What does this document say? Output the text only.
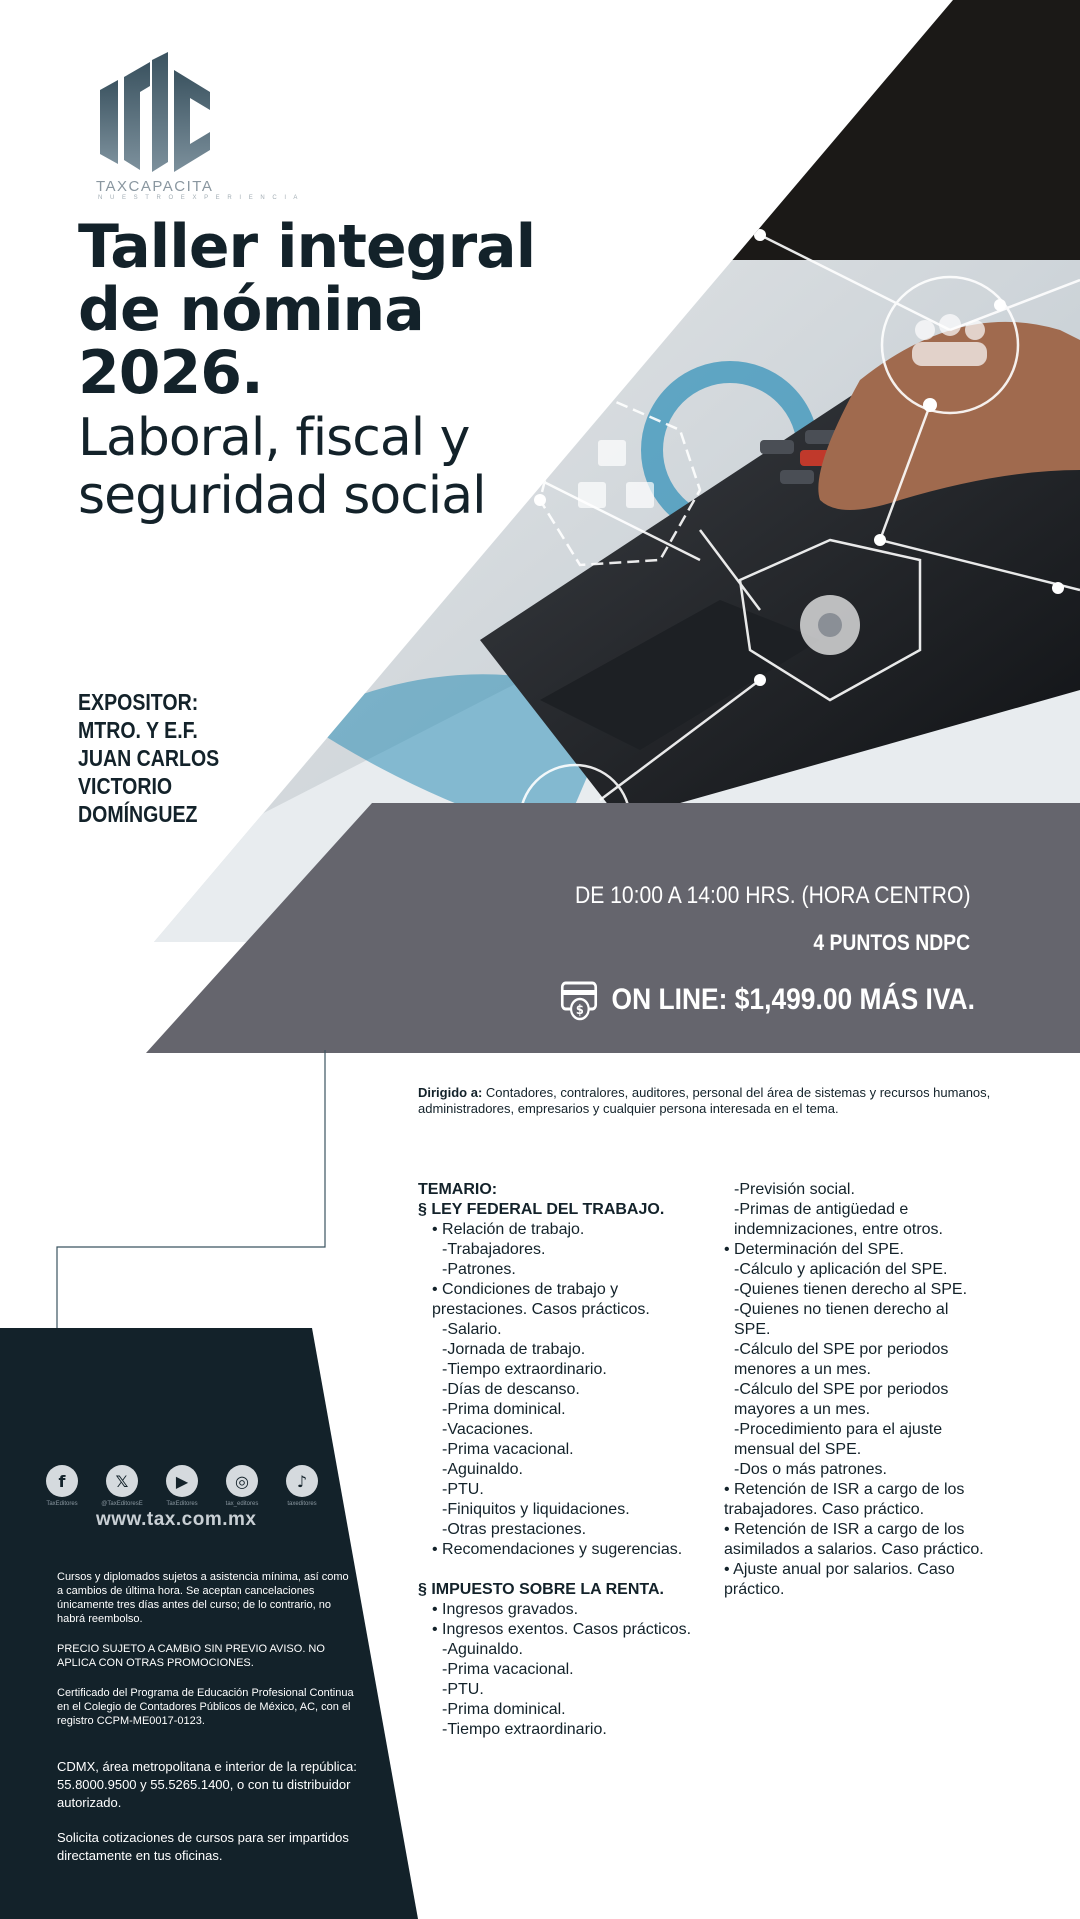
TAXCAPACITA
N U E S T R O E X P E R I E N C I A
Taller integral
de nómina
2026.
Laboral, fiscal y
seguridad social
EXPOSITOR:
MTRO. Y E.F.
JUAN CARLOS
VICTORIO
DOMÍNGUEZ
DE 10:00 A 14:00 HRS. (HORA CENTRO)
4 PUNTOS NDPC
$ ON LINE: $1,499.00 MÁS IVA.
Dirigido a: Contadores, contralores, auditores, personal del área de sistemas y recursos humanos, administradores, empresarios y cualquier persona interesada en el tema.
TEMARIO:
§ LEY FEDERAL DEL TRABAJO.
• Relación de trabajo.
-Trabajadores.
-Patrones.
• Condiciones de trabajo y
prestaciones. Casos prácticos.
-Salario.
-Jornada de trabajo.
-Tiempo extraordinario.
-Días de descanso.
-Prima dominical.
-Vacaciones.
-Prima vacacional.
-Aguinaldo.
-PTU.
-Finiquitos y liquidaciones.
-Otras prestaciones.
• Recomendaciones y sugerencias.
§ IMPUESTO SOBRE LA RENTA.
• Ingresos gravados.
• Ingresos exentos. Casos prácticos.
-Aguinaldo.
-Prima vacacional.
-PTU.
-Prima dominical.
-Tiempo extraordinario.
-Previsión social.
-Primas de antigüedad e
indemnizaciones, entre otros.
• Determinación del SPE.
-Cálculo y aplicación del SPE.
-Quienes tienen derecho al SPE.
-Quienes no tienen derecho al
SPE.
-Cálculo del SPE por periodos
menores a un mes.
-Cálculo del SPE por periodos
mayores a un mes.
-Procedimiento para el ajuste
mensual del SPE.
-Dos o más patrones.
• Retención de ISR a cargo de los
trabajadores. Caso práctico.
• Retención de ISR a cargo de los
asimilados a salarios. Caso práctico.
• Ajuste anual por salarios. Caso
práctico.
f
TaxEditores
𝕏
@TaxEditoresE
▶
TaxEditores
◎
tax_editores
♪
taxeditores
www.tax.com.mx
Cursos y diplomados sujetos a asistencia mínima, así como a cambios de última hora. Se aceptan cancelaciones únicamente tres días antes del curso; de lo contrario, no habrá reembolso.
PRECIO SUJETO A CAMBIO SIN PREVIO AVISO. NO APLICA CON OTRAS PROMOCIONES.
Certificado del Programa de Educación Profesional Continua en el Colegio de Contadores Públicos de México, AC, con el registro CCPM-ME0017-0123.
CDMX, área metropolitana e interior de la república: 55.8000.9500 y 55.5265.1400, o con tu distribuidor autorizado.
Solicita cotizaciones de cursos para ser impartidos directamente en tus oficinas.
